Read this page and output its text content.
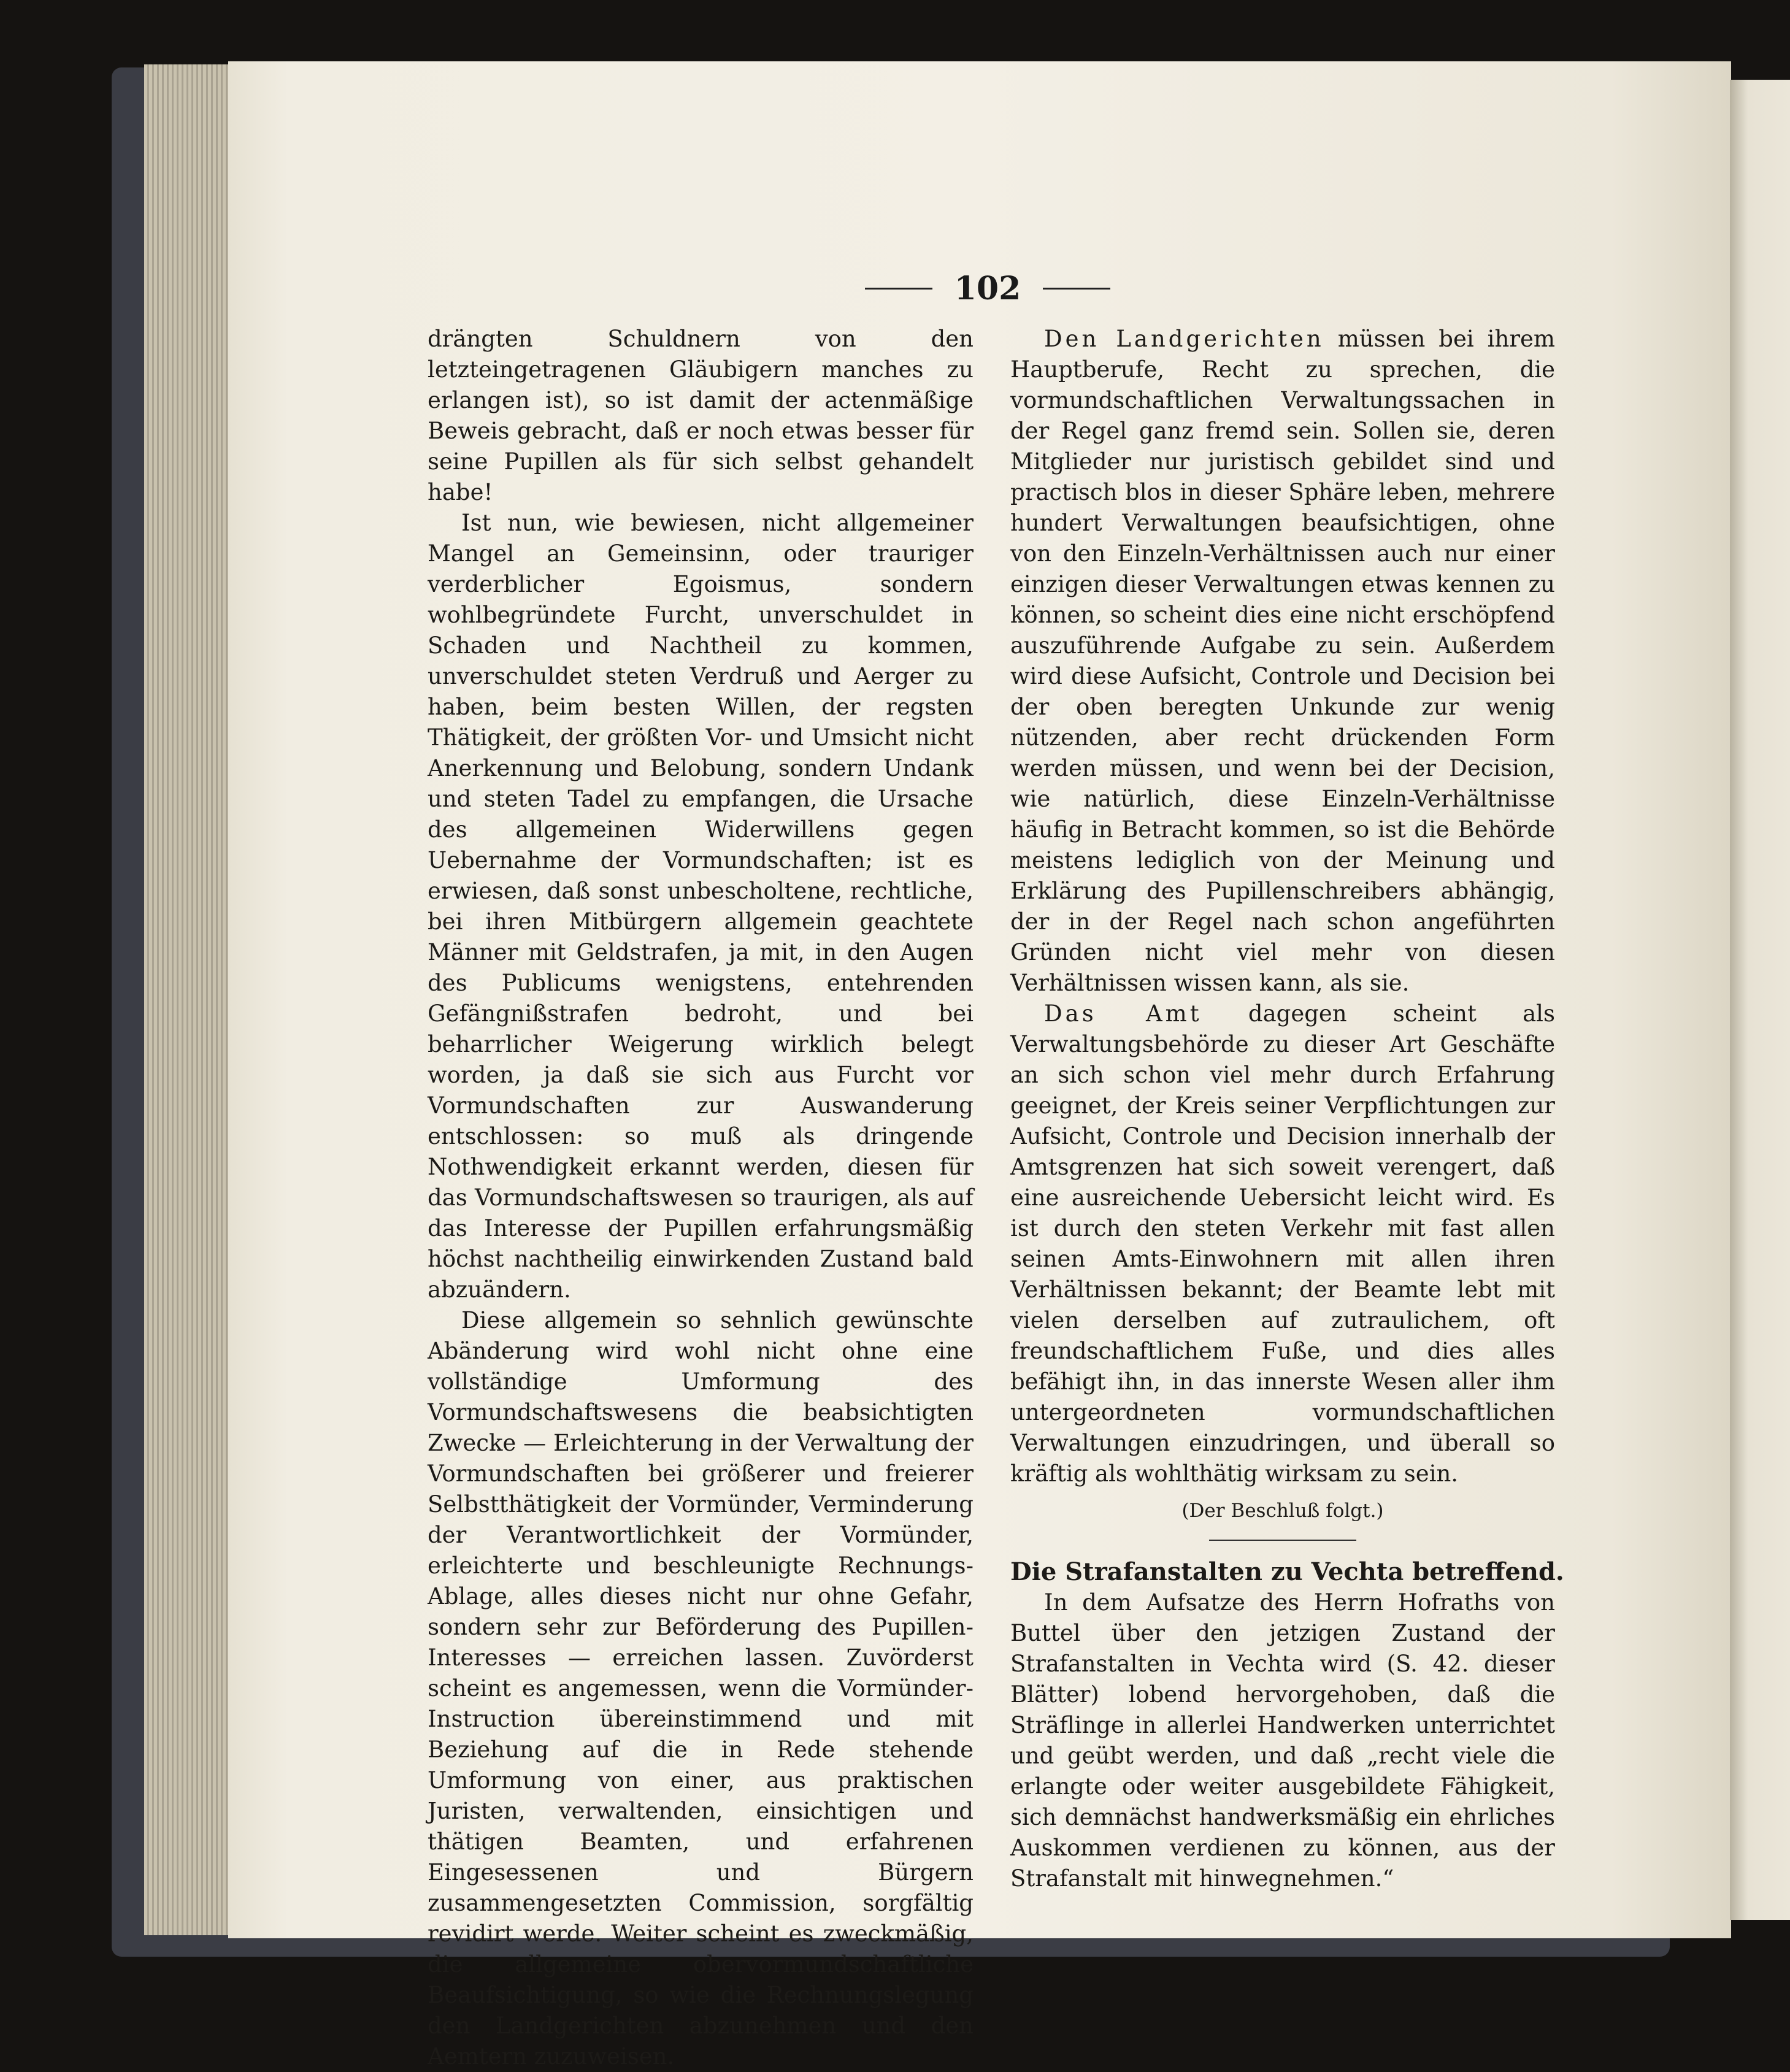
102

drängten Schuldnern von den letzteingetragenen Gläubigern manches zu erlangen ist), so ist damit der actenmäßige Beweis gebracht, daß er noch etwas besser für seine Pupillen als für sich selbst gehandelt habe!

Ist nun, wie bewiesen, nicht allgemeiner Mangel an Gemeinsinn, oder trauriger verderblicher Egoismus, sondern wohlbegründete Furcht, unverschuldet in Schaden und Nachtheil zu kommen, unverschuldet steten Verdruß und Aerger zu haben, beim besten Willen, der regsten Thätigkeit, der größten Vor- und Umsicht nicht Anerkennung und Belobung, sondern Undank und steten Tadel zu empfangen, die Ursache des allgemeinen Widerwillens gegen Uebernahme der Vormundschaften; ist es erwiesen, daß sonst unbescholtene, rechtliche, bei ihren Mitbürgern allgemein geachtete Männer mit Geldstrafen, ja mit, in den Augen des Publicums wenigstens, entehrenden Gefängnißstrafen bedroht, und bei beharrlicher Weigerung wirklich belegt worden, ja daß sie sich aus Furcht vor Vormundschaften zur Auswanderung entschlossen: so muß als dringende Nothwendigkeit erkannt werden, diesen für das Vormundschaftswesen so traurigen, als auf das Interesse der Pupillen erfahrungsmäßig höchst nachtheilig einwirkenden Zustand bald abzuändern.

Diese allgemein so sehnlich gewünschte Abänderung wird wohl nicht ohne eine vollständige Umformung des Vormundschaftswesens die beabsichtigten Zwecke — Erleichterung in der Verwaltung der Vormundschaften bei größerer und freierer Selbstthätigkeit der Vormünder, Verminderung der Verantwortlichkeit der Vormünder, erleichterte und beschleunigte Rechnungs-Ablage, alles dieses nicht nur ohne Gefahr, sondern sehr zur Beförderung des Pupillen-Interesses — erreichen lassen. Zuvörderst scheint es angemessen, wenn die Vormünder-Instruction übereinstimmend und mit Beziehung auf die in Rede stehende Umformung von einer, aus praktischen Juristen, verwaltenden, einsichtigen und thätigen Beamten, und erfahrenen Eingesessenen und Bürgern zusammengesetzten Commission, sorgfältig revidirt werde. Weiter scheint es zweckmäßig, die allgemeine obervormundschaftliche Beaufsichtigung, so wie die Rechnungslegung den Landgerichten abzunehmen und den Aemtern zuzuweisen.

Den Landgerichten müssen bei ihrem Hauptberufe, Recht zu sprechen, die vormundschaftlichen Verwaltungssachen in der Regel ganz fremd sein. Sollen sie, deren Mitglieder nur juristisch gebildet sind und practisch blos in dieser Sphäre leben, mehrere hundert Verwaltungen beaufsichtigen, ohne von den Einzeln-Verhältnissen auch nur einer einzigen dieser Verwaltungen etwas kennen zu können, so scheint dies eine nicht erschöpfend auszuführende Aufgabe zu sein. Außerdem wird diese Aufsicht, Controle und Decision bei der oben beregten Unkunde zur wenig nützenden, aber recht drückenden Form werden müssen, und wenn bei der Decision, wie natürlich, diese Einzeln-Verhältnisse häufig in Betracht kommen, so ist die Behörde meistens lediglich von der Meinung und Erklärung des Pupillenschreibers abhängig, der in der Regel nach schon angeführten Gründen nicht viel mehr von diesen Verhältnissen wissen kann, als sie.

Das Amt dagegen scheint als Verwaltungsbehörde zu dieser Art Geschäfte an sich schon viel mehr durch Erfahrung geeignet, der Kreis seiner Verpflichtungen zur Aufsicht, Controle und Decision innerhalb der Amtsgrenzen hat sich soweit verengert, daß eine ausreichende Uebersicht leicht wird. Es ist durch den steten Verkehr mit fast allen seinen Amts-Einwohnern mit allen ihren Verhältnissen bekannt; der Beamte lebt mit vielen derselben auf zutraulichem, oft freundschaftlichem Fuße, und dies alles befähigt ihn, in das innerste Wesen aller ihm untergeordneten vormundschaftlichen Verwaltungen einzudringen, und überall so kräftig als wohlthätig wirksam zu sein.

(Der Beschluß folgt.)

Die Strafanstalten zu Vechta betreffend.

In dem Aufsatze des Herrn Hofraths von Buttel über den jetzigen Zustand der Strafanstalten in Vechta wird (S. 42. dieser Blätter) lobend hervorgehoben, daß die Sträflinge in allerlei Handwerken unterrichtet und geübt werden, und daß „recht viele die erlangte oder weiter ausgebildete Fähigkeit, sich demnächst handwerksmäßig ein ehrliches Auskommen verdienen zu können, aus der Strafanstalt mit hinwegnehmen.“
